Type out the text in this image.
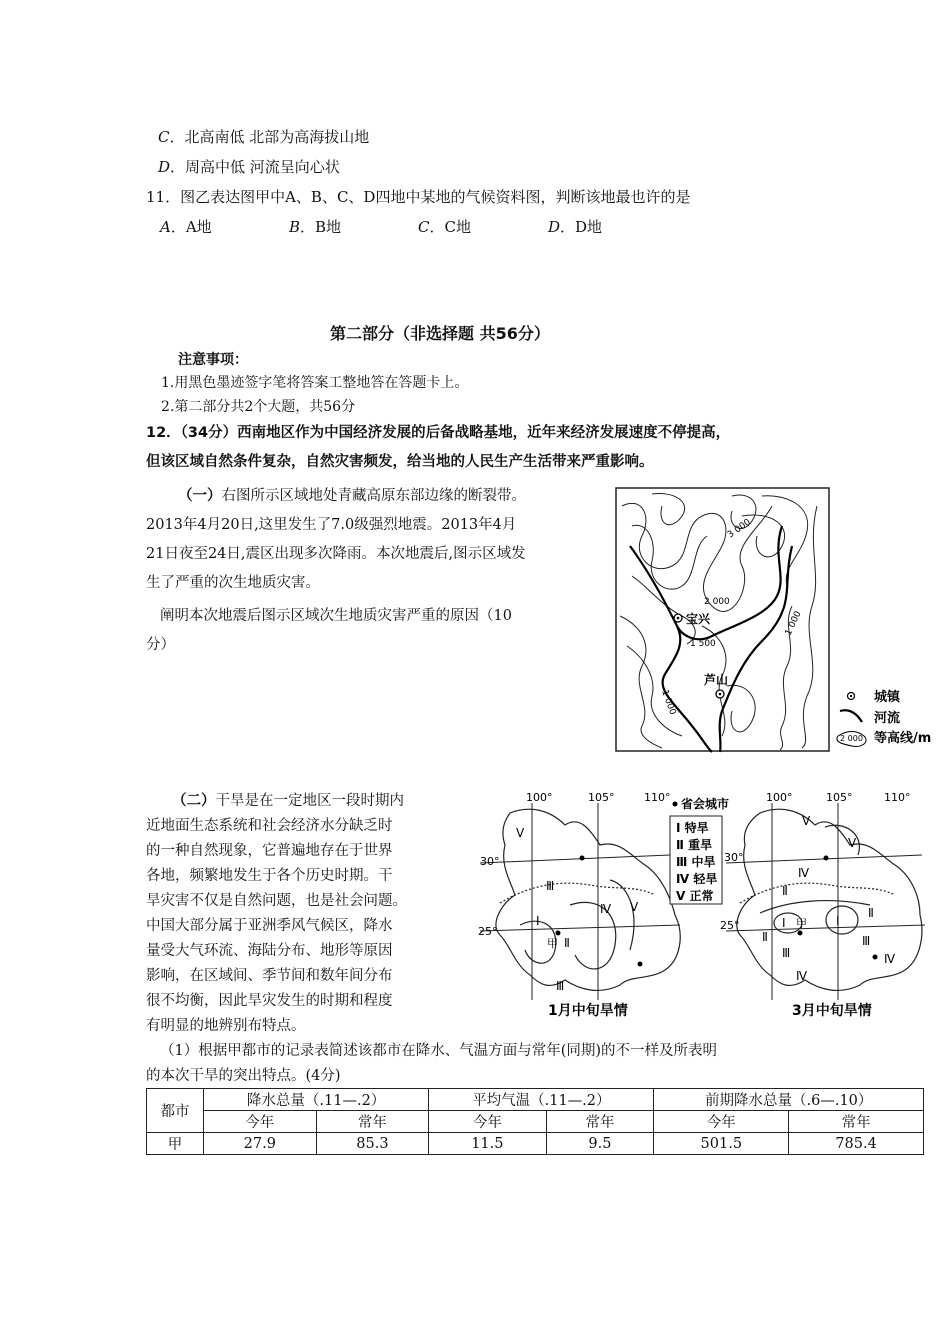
C．北高南低 北部为高海拔山地
D．周高中低 河流呈向心状
11．图乙表达图甲中A、B、C、D四地中某地的气候资料图，判断该地最也许的是
A．A地	B．B地	C．C地	D．D地
第二部分（非选择题 共56分）
注意事项：
1.用黑色墨迹签字笔将答案工整地答在答题卡上。
2.第二部分共2个大题，共56分
12．（34分）西南地区作为中国经济发展的后备战略基地，近年来经济发展速度不停提高，
但该区域自然条件复杂，自然灾害频发，给当地的人民生产生活带来严重影响。
（一）右图所示区域地处青藏高原东部边缘的断裂带。
2013年4月20日,这里发生了7.0级强烈地震。2013年4月
21日夜至24日,震区出现多次降雨。本次地震后,图示区域发
生了严重的次生地质灾害。
阐明本次地震后图示区域次生地质灾害严重的原因（10
分）
3 000
2 000
1 500
1 000
1 000
宝兴
芦山
城镇
河流
2 000 等高线/m
（二）干旱是在一定地区一段时期内
近地面生态系统和社会经济水分缺乏时
的一种自然现象，它普遍地存在于世界
各地，频繁地发生于各个历史时期。干
旱灾害不仅是自然问题，也是社会问题。
中国大部分属于亚洲季风气候区，降水
量受大气环流、海陆分布、地形等原因
影响，在区域间、季节间和数年间分布
很不均衡，因此旱灾发生的时期和程度
有明显的地辨别布特点。
100°	105°	110°
30°
25°
Ⅴ
Ⅲ
Ⅰ
Ⅱ
Ⅲ
Ⅳ Ⅴ
甲
1月中旬旱情
省会城市
Ⅰ 特旱
Ⅱ 重旱
Ⅲ 中旱
Ⅳ 轻旱
Ⅴ 正常
100°	105°	110°
30°
25°
Ⅴ
Ⅴ
Ⅳ
Ⅱ
Ⅰ	Ⅰ
Ⅱ
Ⅱ
Ⅲ
Ⅲ
Ⅳ
Ⅳ
甲
3月中旬旱情
（1）根据甲都市的记录表简述该都市在降水、气温方面与常年(同期)的不一样及所表明
的本次干旱的突出特点。(4分)
都市	降水总量（.11—.2）		平均气温（.11—.2）		前期降水总量（.6—.10）	
	今年	常年	今年	常年	今年	常年
甲	27.9	85.3	11.5	9.5	501.5	785.4
